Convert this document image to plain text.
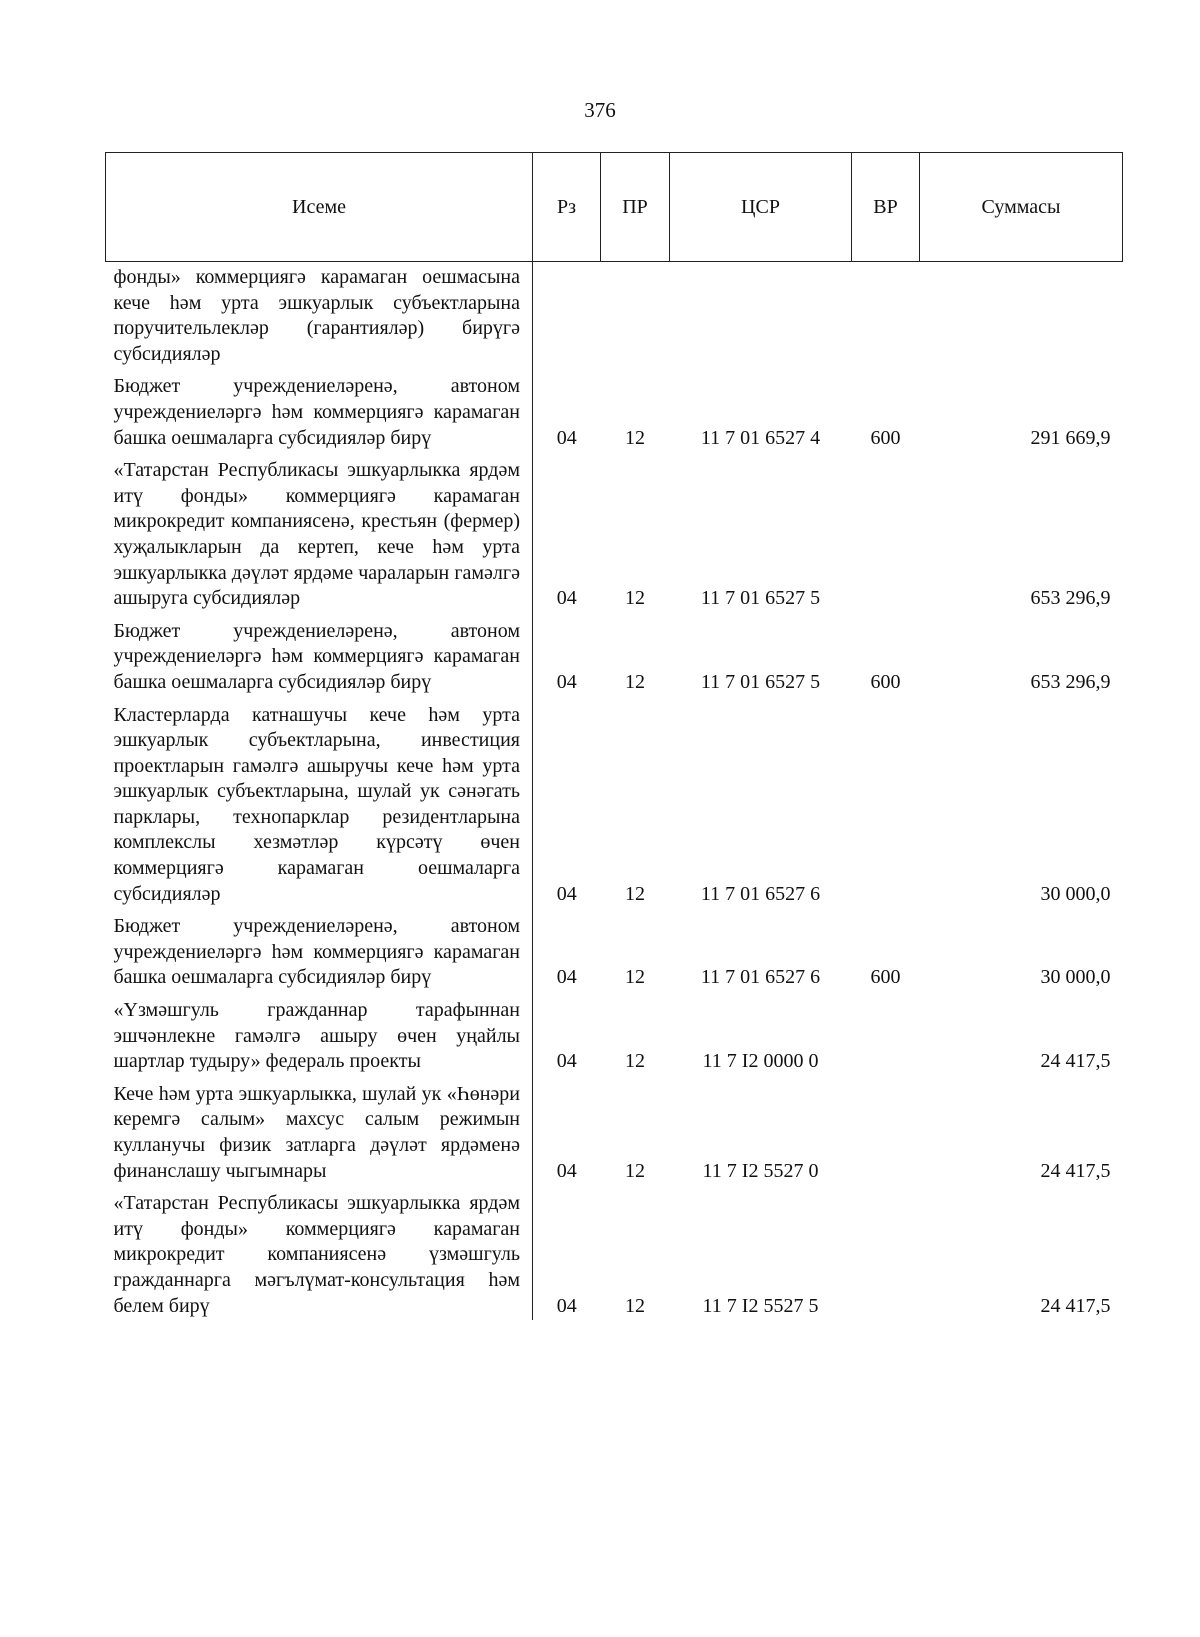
376
Исеме	Рз	ПР	ЦСР	ВР	Суммасы
фонды» коммерциягә карамаган оешмасына кече һәм урта эшкуарлык субъектларына поручительлекләр (гарантияләр) бирүгә субсидияләр					
Бюджет учреждениеләренә, автоном учреждениеләргә һәм коммерциягә карамаган башка оешмаларга субсидияләр бирү	04	12	11 7 01 6527 4	600	291 669,9
«Татарстан Республикасы эшкуарлыкка ярдәм итү фонды» коммерциягә карамаган микрокредит компаниясенә, крестьян (фермер) хуҗалыкларын да кертеп, кече һәм урта эшкуарлыкка дәүләт ярдәме чараларын гамәлгә ашыруга субсидияләр	04	12	11 7 01 6527 5		653 296,9
Бюджет учреждениеләренә, автоном учреждениеләргә һәм коммерциягә карамаган башка оешмаларга субсидияләр бирү	04	12	11 7 01 6527 5	600	653 296,9
Кластерларда катнашучы кече һәм урта эшкуарлык субъектларына, инвестиция проектларын гамәлгә ашыручы кече һәм урта эшкуарлык субъектларына, шулай ук сәнәгать парклары, технопарклар резидентларына комплекслы хезмәтләр күрсәтү өчен коммерциягә карамаган оешмаларга субсидияләр	04	12	11 7 01 6527 6		30 000,0
Бюджет учреждениеләренә, автоном учреждениеләргә һәм коммерциягә карамаган башка оешмаларга субсидияләр бирү	04	12	11 7 01 6527 6	600	30 000,0
«Үзмәшгуль гражданнар тарафыннан эшчәнлекне гамәлгә ашыру өчен уңайлы шартлар тудыру» федераль проекты	04	12	11 7 I2 0000 0		24 417,5
Кече һәм урта эшкуарлыкка, шулай ук «Һөнәри керемгә салым» махсус салым режимын кулланучы физик затларга дәүләт ярдәменә финанслашу чыгымнары	04	12	11 7 I2 5527 0		24 417,5
«Татарстан Республикасы эшкуарлыкка ярдәм итү фонды» коммерциягә карамаган микрокредит компаниясенә үзмәшгуль гражданнарга мәгълүмат-консультация һәм белем бирү	04	12	11 7 I2 5527 5		24 417,5
